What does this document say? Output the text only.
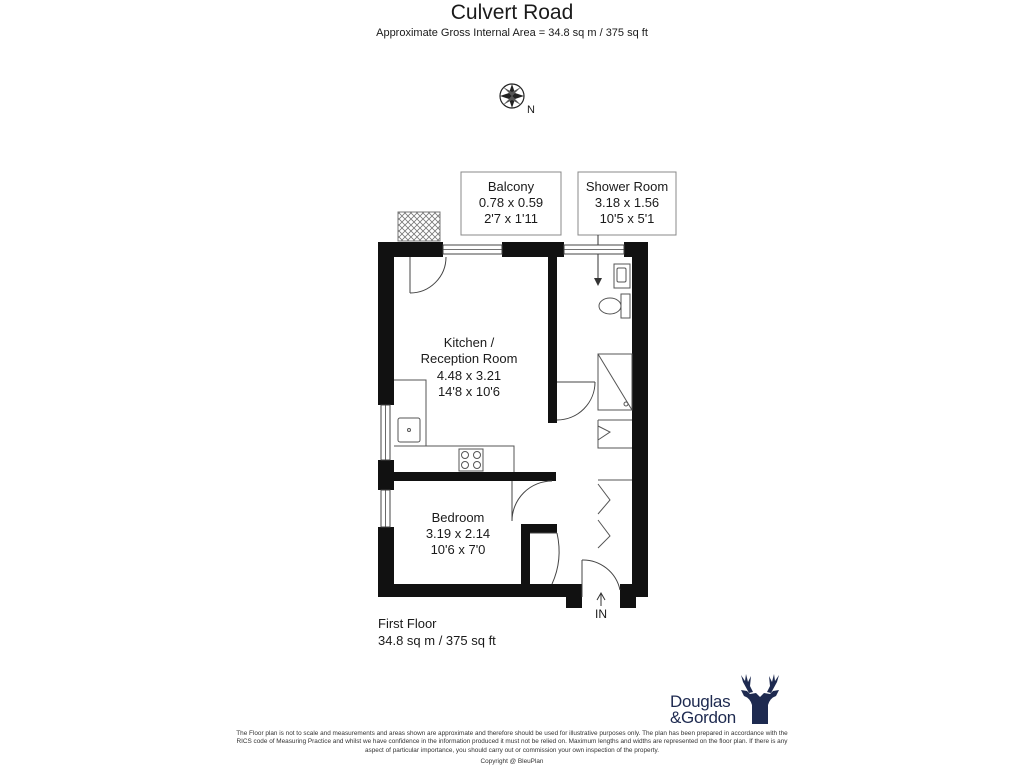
Culvert Road
Approximate Gross Internal Area = 34.8 sq m / 375 sq ft
N
Balcony
0.78 x 0.59
2'7 x 1'11
Shower Room
3.18 x 1.56
10'5 x 5'1
Kitchen /
Reception Room
4.48 x 3.21
14'8 x 10'6
Bedroom
3.19 x 2.14
10'6 x 7'0
IN
First Floor
34.8 sq m / 375 sq ft
Douglas
&Gordon
The Floor plan is not to scale and measurements and areas shown are approximate and therefore should be used for illustrative purposes only. The plan has been prepared in accordance with the RICS code of Measuring Practice and whilst we have confidence in the information produced it must not be relied on. Maximum lengths and widths are represented on the floor plan. If there is any aspect of particular importance, you should carry out or commission your own inspection of the property.
Copyright @ BleuPlan
